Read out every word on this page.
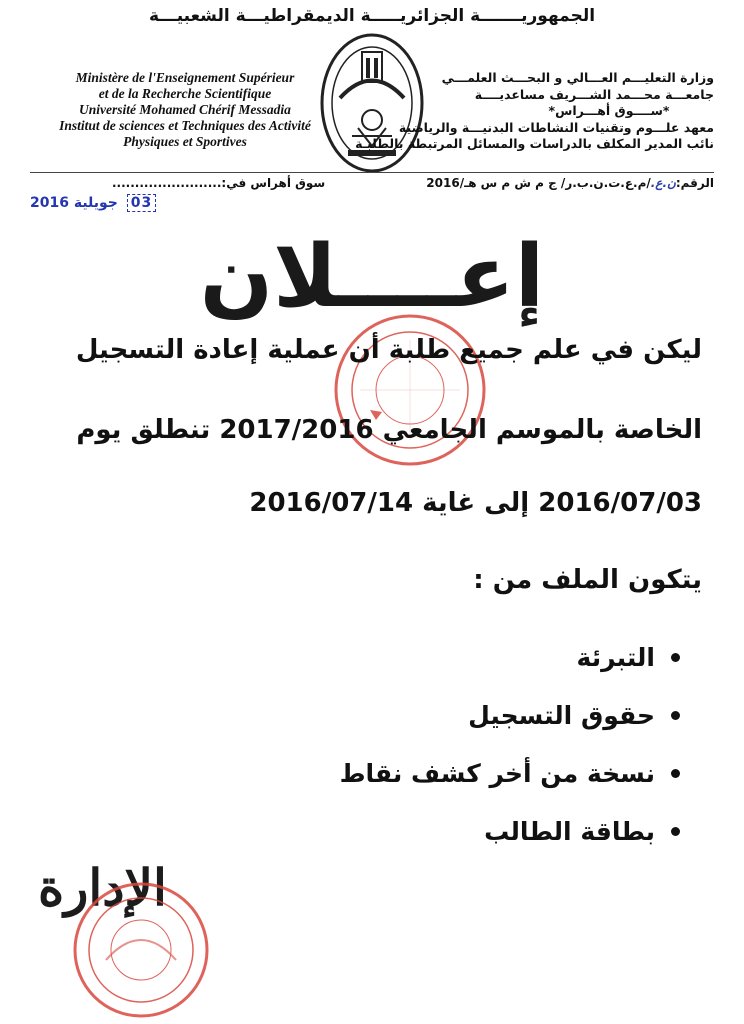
الجمهوريـــــــة الجزائريـــــة الديمقراطيـــة الشعبيـــة
Ministère de l'Enseignement Supérieur
et de la Recherche Scientifique
Université Mohamed Chérif Messadia
Institut de sciences et Techniques des Activité
Physiques et Sportives
وزارة التعليـــم العـــالي و البحـــث العلمـــي
جامعـــة محـــمد الشـــريف مساعديــــة
*ســــوق أهـــراس*
معهد علـــوم وتقنيات النشاطات البدنيـــة والرياضية
نائب المدير المكلف بالدراسات والمسائل المرتبطة بالطلبـة
الرقم:ن.ع./م.ع.ت.ن.ب.ر/ ج م ش م س هـ/2016
سوق أهراس في:........................
2016 جويلية 03
إعــــلان
ليكن في علم جميع طلبة أن عملية إعادة التسجيل
الخاصة بالموسم الجامعي 2017/2016 تنطلق يوم
2016/07/03 إلى غاية 2016/07/14
يتكون الملف من :
التبرئة
حقوق التسجيل
نسخة من أخر كشف نقاط
بطاقة الطالب
الإدارة
